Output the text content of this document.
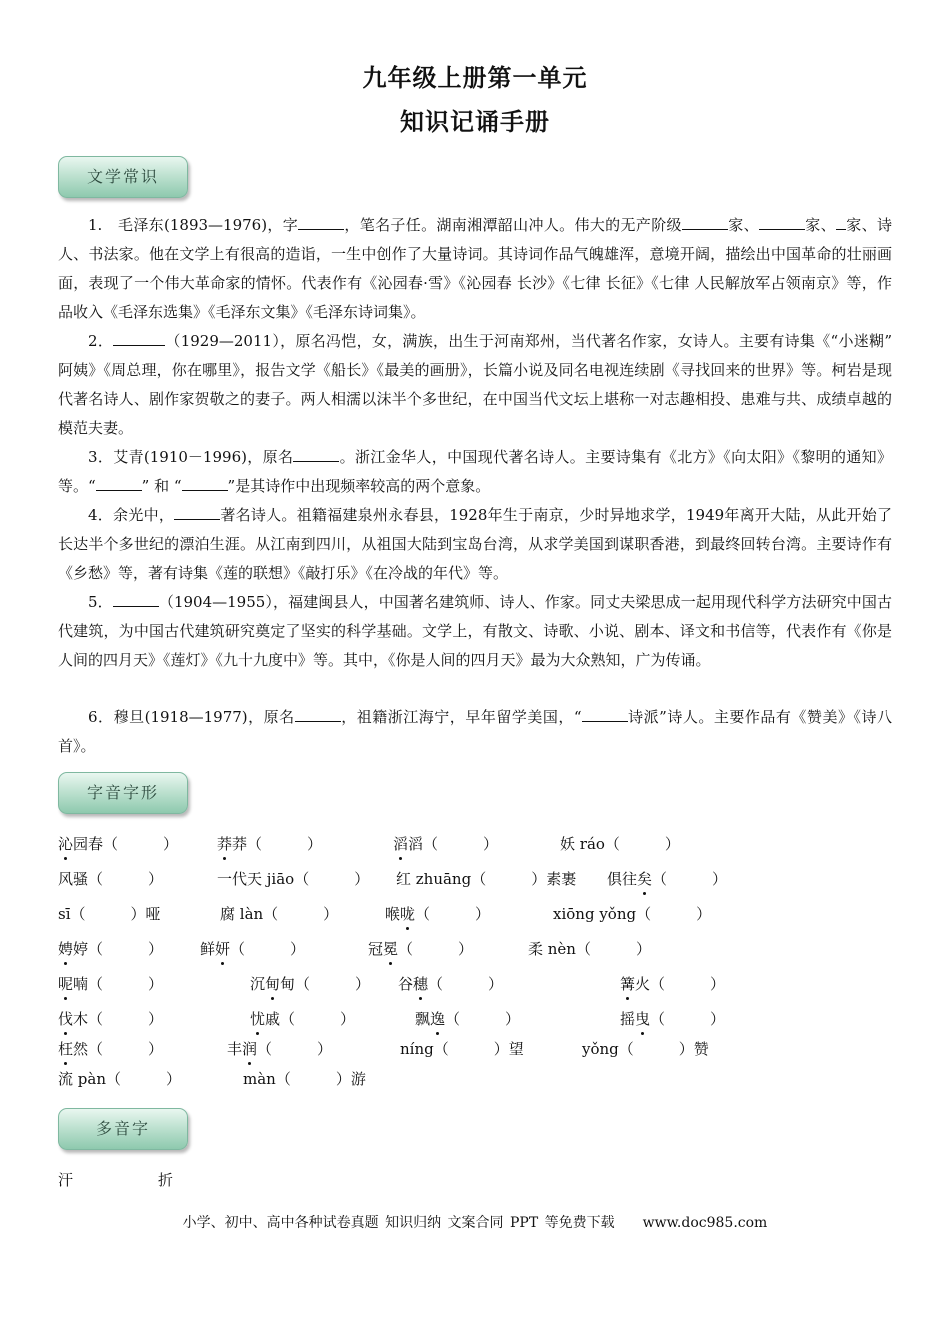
九年级上册第一单元
知识记诵手册
文学常识

1.　毛泽东(1893—1976)，字	，笔名子任。湖南湘潭韶山冲人。伟大的无产阶级	家、	家、 家、诗人、书法家。他在文学上有很高的造诣，一生中创作了大量诗词。其诗词作品气魄雄浑，意境开阔，描绘出中国革命的壮丽画面，表现了一个伟大革命家的情怀。代表作有《沁园春·雪》《沁园春 长沙》《七律 长征》《七律 人民解放军占领南京》等，作品收入《毛泽东选集》《毛泽东文集》《毛泽东诗词集》。

2．	（1929—2011），原名冯恺，女，满族，出生于河南郑州，当代著名作家，女诗人。主要有诗集《“小迷糊” 阿姨》《周总理，你在哪里》，报告文学《船长》《最美的画册》，长篇小说及同名电视连续剧《寻找回来的世界》等。柯岩是现代著名诗人、剧作家贺敬之的妻子。两人相濡以沫半个多世纪，在中国当代文坛上堪称一对志趣相投、患难与共、成绩卓越的模范夫妻。

3．艾青(1910－1996)，原名	。浙江金华人，中国现代著名诗人。主要诗集有《北方》《向太阳》《黎明的通知》 等。“	” 和 “	”是其诗作中出现频率较高的两个意象。

4．余光中，	著名诗人。祖籍福建泉州永春县，1928年生于南京，少时异地求学，1949年离开大陆，从此开始了长达半个多世纪的漂泊生涯。从江南到四川，从祖国大陆到宝岛台湾，从求学美国到谋职香港，到最终回转台湾。主要诗作有《乡愁》等，著有诗集《莲的联想》《敲打乐》《在冷战的年代》等。

5．	（1904—1955），福建闽县人，中国著名建筑师、诗人、作家。同丈夫梁思成一起用现代科学方法研究中国古代建筑，为中国古代建筑研究奠定了坚实的科学基础。文学上，有散文、诗歌、小说、剧本、译文和书信等，代表作有《你是人间的四月天》《莲灯》《九十九度中》等。其中，《你是人间的四月天》最为大众熟知，广为传诵。

6．穆旦(1918—1977)，原名	，祖籍浙江海宁，早年留学美国，“	诗派”诗人。主要作品有《赞美》《诗八首》。

字音字形
沁园春（　　　）	莽莽（　　　）	滔滔（　　　）	妖 ráo（　　　）
风骚（　　　）	一代天 jiāo（　　　） 红 zhuāng（　　　）素裹 俱往矣（　　　）
sī（　　　）哑	腐 làn（　　　）	喉咙（　　　）	xiōng yǒng（　　　）
娉婷（　　　） 鲜妍（　　　）	冠冕（　　　）	柔 nèn（　　　）
呢喃（　　　）	沉甸甸（　　　） 谷穗（　　　）	篝火（　　　）
伐木（　　　）	忧戚（　　　）	飘逸（　　　）	摇曳（　　　）
枉然（　　　）	丰润（　　　）	níng（　　　）望	yǒng（　　　）赞
流 pàn（　　　）	màn（　　　）游
多音字
汗	折
小学、初中、高中各种试卷真题 知识归纳 文案合同 PPT 等免费下载　　www.doc985.com
